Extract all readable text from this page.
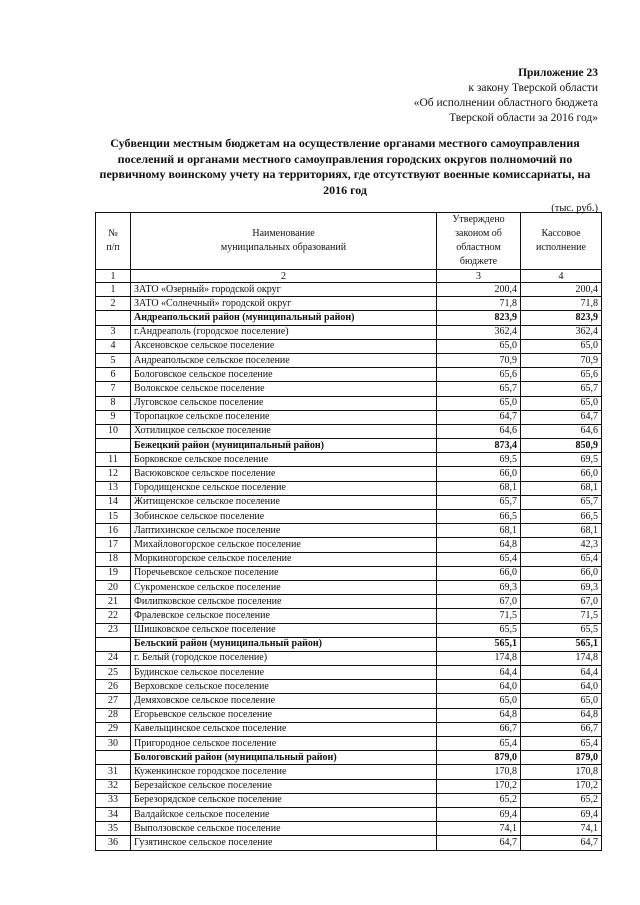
Приложение 23
к закону Тверской области
«Об исполнении областного бюджета
Тверской области за 2016 год»
Субвенции местным бюджетам на осуществление органами местного самоуправления поселений и органами местного самоуправления городских округов полномочий по первичному воинскому учету на территориях, где отсутствуют военные комиссариаты, на 2016 год
(тыс. руб.)
№
п/п	Наименование
муниципальных образований	Утверждено
законом об
областном
бюджете	Кассовое
исполнение
1	2	3	4
1	ЗАТО «Озерный» городской округ	200,4	200,4
2	ЗАТО «Солнечный» городской округ	71,8	71,8
	Андреапольский район (муниципальный район)	823,9	823,9
3	г.Андреаполь (городское поселение)	362,4	362,4
4	Аксеновское сельское поселение	65,0	65,0
5	Андреапольское сельское поселение	70,9	70,9
6	Бологовское сельское поселение	65,6	65,6
7	Волокское сельское поселение	65,7	65,7
8	Луговское сельское поселение	65,0	65,0
9	Торопацкое сельское поселение	64,7	64,7
10	Хотилицкое сельское поселение	64,6	64,6
	Бежецкий район (муниципальный район)	873,4	850,9
11	Борковское сельское поселение	69,5	69,5
12	Васюковское сельское поселение	66,0	66,0
13	Городищенское сельское поселение	68,1	68,1
14	Житищенское сельское поселение	65,7	65,7
15	Зобинское сельское поселение	66,5	66,5
16	Лаптихинское сельское поселение	68,1	68,1
17	Михайловогорское сельское поселение	64,8	42,3
18	Моркиногорское сельское поселение	65,4	65,4
19	Поречьевское сельское поселение	66,0	66,0
20	Сукроменское сельское поселение	69,3	69,3
21	Филипковское сельское поселение	67,0	67,0
22	Фралевское сельское поселение	71,5	71,5
23	Шишковское сельское поселение	65,5	65,5
	Бельский район (муниципальный район)	565,1	565,1
24	г. Белый (городское поселение)	174,8	174,8
25	Будинское сельское поселение	64,4	64,4
26	Верховское сельское поселение	64,0	64,0
27	Демяховское сельское поселение	65,0	65,0
28	Егорьевское сельское поселение	64,8	64,8
29	Кавельщинское сельское поселение	66,7	66,7
30	Пригородное сельское поселение	65,4	65,4
	Бологовский район (муниципальный район)	879,0	879,0
31	Куженкинское городское поселение	170,8	170,8
32	Березайское сельское поселение	170,2	170,2
33	Березорядское сельское поселение	65,2	65,2
34	Валдайское сельское поселение	69,4	69,4
35	Выползовское сельское поселение	74,1	74,1
36	Гузятинское сельское поселение	64,7	64,7
